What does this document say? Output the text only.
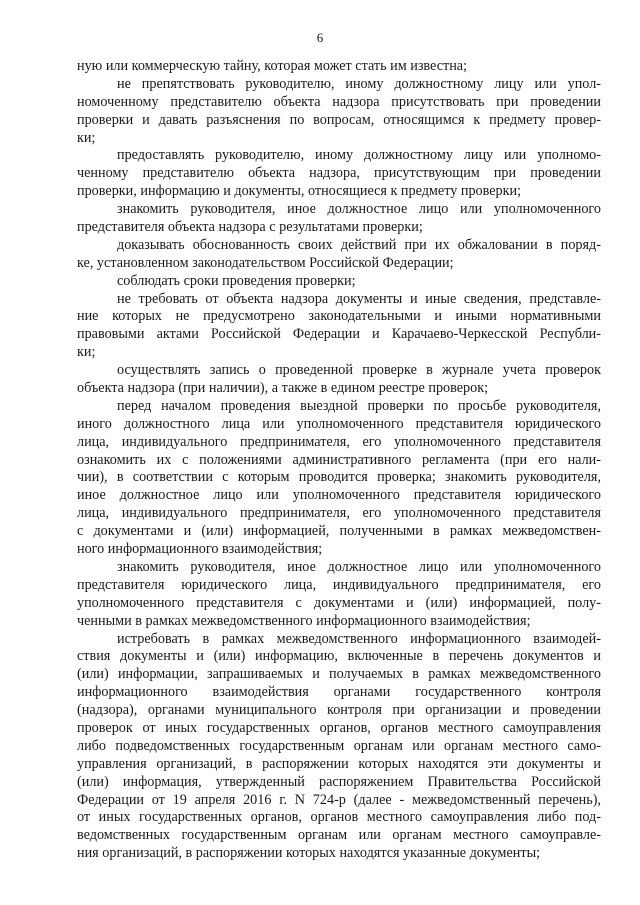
6
ную или коммерческую тайну, которая может стать им известна;
не препятствовать руководителю, иному должностному лицу или упол-
номоченному представителю объекта надзора присутствовать при проведении
проверки и давать разъяснения по вопросам, относящимся к предмету провер-
ки;
предоставлять руководителю, иному должностному лицу или уполномо-
ченному представителю объекта надзора, присутствующим при проведении
проверки, информацию и документы, относящиеся к предмету проверки;
знакомить руководителя, иное должностное лицо или уполномоченного
представителя объекта надзора с результатами проверки;
доказывать обоснованность своих действий при их обжаловании в поряд-
ке, установленном законодательством Российской Федерации;
соблюдать сроки проведения проверки;
не требовать от объекта надзора документы и иные сведения, представле-
ние которых не предусмотрено законодательными и иными нормативными
правовыми актами Российской Федерации и Карачаево-Черкесской Республи-
ки;
осуществлять запись о проведенной проверке в журнале учета проверок
объекта надзора (при наличии), а также в едином реестре проверок;
перед началом проведения выездной проверки по просьбе руководителя,
иного должностного лица или уполномоченного представителя юридического
лица, индивидуального предпринимателя, его уполномоченного представителя
ознакомить их с положениями административного регламента (при его нали-
чии), в соответствии с которым проводится проверка; знакомить руководителя,
иное должностное лицо или уполномоченного представителя юридического
лица, индивидуального предпринимателя, его уполномоченного представителя
с документами и (или) информацией, полученными в рамках межведомствен-
ного информационного взаимодействия;
знакомить руководителя, иное должностное лицо или уполномоченного
представителя юридического лица, индивидуального предпринимателя, его
уполномоченного представителя с документами и (или) информацией, полу-
ченными в рамках межведомственного информационного взаимодействия;
истребовать в рамках межведомственного информационного взаимодей-
ствия документы и (или) информацию, включенные в перечень документов и
(или) информации, запрашиваемых и получаемых в рамках межведомственного
информационного взаимодействия органами государственного контроля
(надзора), органами муниципального контроля при организации и проведении
проверок от иных государственных органов, органов местного самоуправления
либо подведомственных государственным органам или органам местного само-
управления организаций, в распоряжении которых находятся эти документы и
(или) информация, утвержденный распоряжением Правительства Российской
Федерации от 19 апреля 2016 г. N 724-р (далее - межведомственный перечень),
от иных государственных органов, органов местного самоуправления либо под-
ведомственных государственным органам или органам местного самоуправле-
ния организаций, в распоряжении которых находятся указанные документы;
